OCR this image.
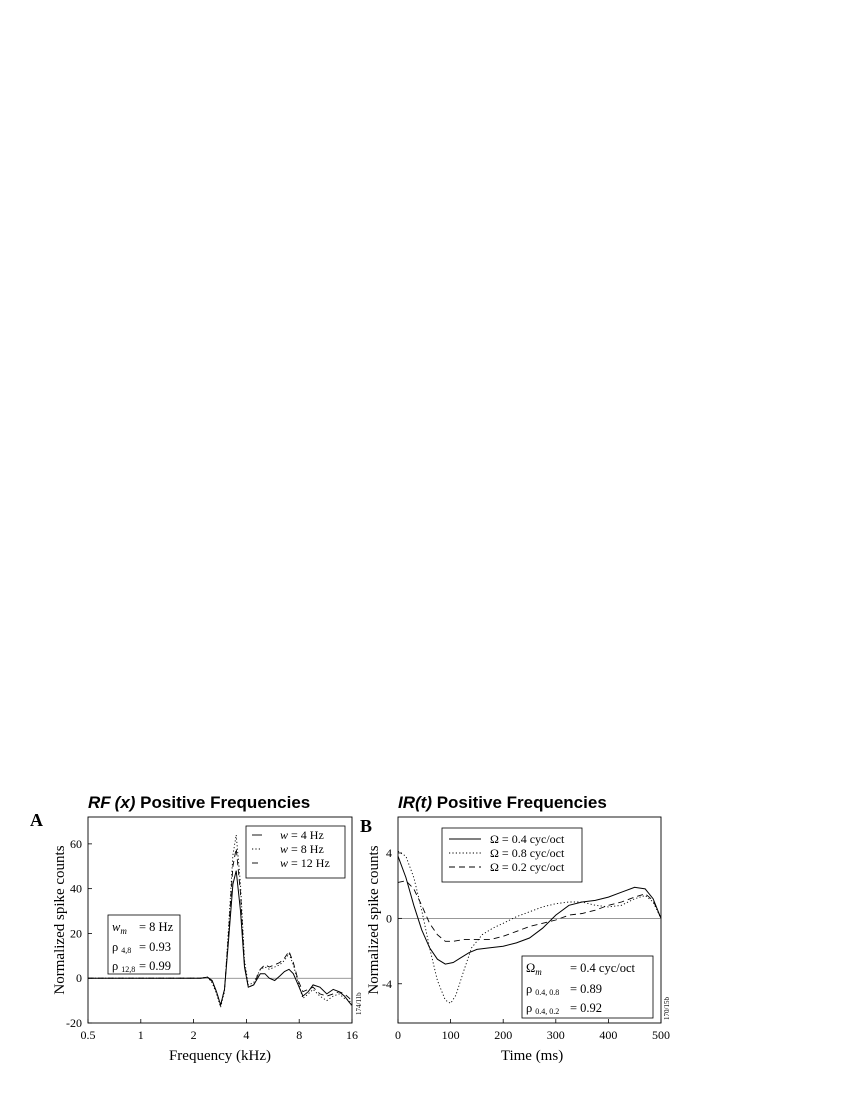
A
RF (x) Positive Frequencies
0.5	1	2	4	8	16
60
40
20
0
-20
w = 4 Hz
w = 8 Hz
w = 12 Hz
$w_m = 8$ Hz
ρ 4,8 = 0.93
ρ 12,8 = 0.99
Normalized spike counts
Frequency (kHz)
174/11b
B
IR(t) Positive Frequencies
0	100	200	300	400	500
4
0
-4
Ω = 0.4 cyc/oct
Ω = 0.8 cyc/oct
Ω = 0.2 cyc/oct
$\Omega_m = 0.4$ cyc/oct
ρ 0.4, 0.8 = 0.89
ρ 0.4, 0.2 = 0.92
Normalized spike counts
Time (ms)
170/15b
